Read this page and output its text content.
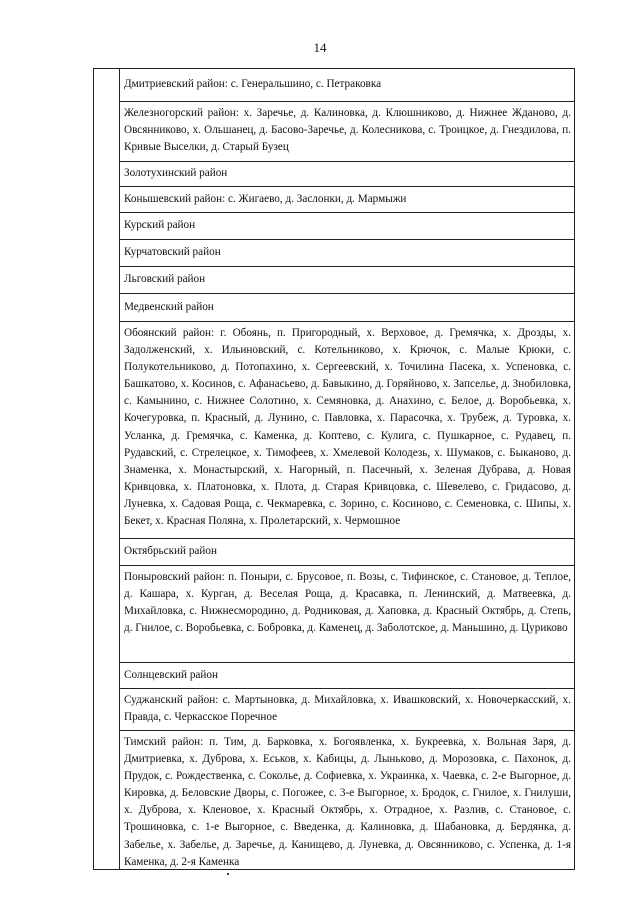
14
Дмитриевский район: с. Генеральшино, с. Петраковка
Железногорский район: х. Заречье, д. Калиновка, д. Клюшниково, д. Нижнее Жданово, д. Овсянниково, х. Ольшанец, д. Басово-Заречье, д. Колесникова, с. Троицкое, д. Гнездилова, п. Кривые Выселки, д. Старый Бузец
Золотухинский район
Конышевский район: с. Жигаево, д. Заслонки, д. Мармыжи
Курский район
Курчатовский район
Льговский район
Медвенский район
Обоянский район: г. Обоянь, п. Пригородный, х. Верховое, д. Гремячка, х. Дрозды, х. Задолженский, х. Ильиновский, с. Котельниково, х. Крючок, с. Малые Крюки, с. Полукотельниково, д. Потопахино, х. Сергеевский, х. Точилина Пасека, х. Успеновка, с. Башкатово, х. Косинов, с. Афанасьево, д. Бавыкино, д. Горяйново, х. Запселье, д. Знобиловка, с. Камынино, с. Нижнее Солотино, х. Семяновка, д. Анахино, с. Белое, д. Воробьевка, х. Кочегуровка, п. Красный, д. Лунино, с. Павловка, х. Парасочка, х. Трубеж, д. Туровка, х. Усланка, д. Гремячка, с. Каменка, д. Коптево, с. Кулига, с. Пушкарное, с. Рудавец, п. Рудавский, с. Стрелецкое, х. Тимофеев, х. Хмелевой Колодезь, х. Шумаков, с. Быканово, д. Знаменка, х. Монастырский, х. Нагорный, п. Пасечный, х. Зеленая Дубрава, д. Новая Кривцовка, х. Платоновка, х. Плота, д. Старая Кривцовка, с. Шевелево, с. Гридасово, д. Луневка, х. Садовая Роща, с. Чекмаревка, с. Зорино, с. Косиново, с. Семеновка, с. Шипы, х. Бекет, х. Красная Поляна, х. Пролетарский, х. Чермошное
Октябрьский район
Поныровский район: п. Поныри, с. Брусовое, п. Возы, с. Тифинское, с. Становое, д. Теплое, д. Кашара, х. Курган, д. Веселая Роща, д. Красавка, п. Ленинский, д. Матвеевка, д. Михайловка, с. Нижнесмородино, д. Родниковая, д. Хаповка, д. Красный Октябрь, д. Степь, д. Гнилое, с. Воробьевка, с. Бобровка, д. Каменец, д. Заболотское, д. Маньшино, д. Цуриково
Солнцевский район
Суджанский район: с. Мартыновка, д. Михайловка, х. Ивашковский, х. Новочеркасский, х. Правда, с. Черкасское Поречное
Тимский район: п. Тим, д. Барковка, х. Богоявленка, х. Букреевка, х. Вольная Заря, д. Дмитриевка, х. Дуброва, х. Еськов, х. Кабицы, д. Лыньково, д. Морозовка, с. Пахонок, д. Прудок, с. Рождественка, с. Соколье, д. Софиевка, х. Украинка, х. Чаевка, с. 2-е Выгорное, д. Кировка, д. Беловские Дворы, с. Погожее, с. 3-е Выгорное, х. Бродок, с. Гнилое, х. Гнилуши, х. Дуброва, х. Кленовое, х. Красный Октябрь, х. Отрадное, х. Разлив, с. Становое, с. Трошиновка, с. 1-е Выгорное, с. Введенка, д. Калиновка, д. Шабановка, д. Бердянка, д. Забелье, х. Забелье, д. Заречье, д. Канищево, д. Луневка, д. Овсянниково, с. Успенка, д. 1-я Каменка, д. 2-я Каменка
